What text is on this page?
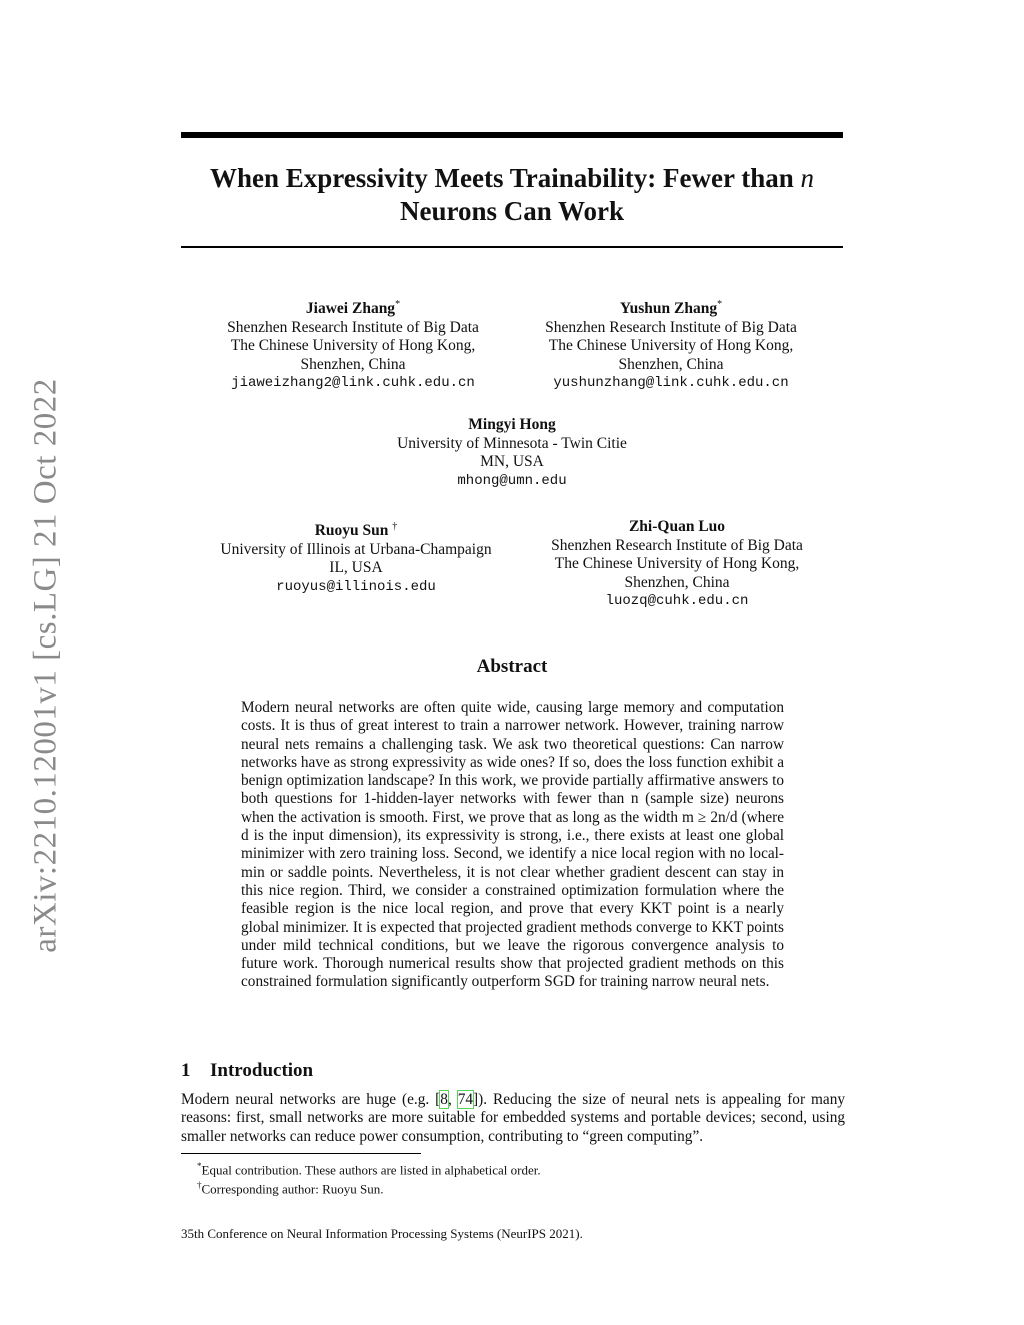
arXiv:2210.12001v1 [cs.LG] 21 Oct 2022
When Expressivity Meets Trainability: Fewer than n
Neurons Can Work
Jiawei Zhang*
Shenzhen Research Institute of Big Data
The Chinese University of Hong Kong,
Shenzhen, China
jiaweizhang2@link.cuhk.edu.cn
Yushun Zhang*
Shenzhen Research Institute of Big Data
The Chinese University of Hong Kong,
Shenzhen, China
yushunzhang@link.cuhk.edu.cn
Mingyi Hong
University of Minnesota - Twin Citie
MN, USA
mhong@umn.edu
Ruoyu Sun †
University of Illinois at Urbana-Champaign
IL, USA
ruoyus@illinois.edu
Zhi-Quan Luo
Shenzhen Research Institute of Big Data
The Chinese University of Hong Kong,
Shenzhen, China
luozq@cuhk.edu.cn
Abstract

Modern neural networks are often quite wide, causing large memory and computation costs. It is thus of great interest to train a narrower network. However, training narrow neural nets remains a challenging task. We ask two theoretical questions: Can narrow networks have as strong expressivity as wide ones? If so, does the loss function exhibit a benign optimization landscape? In this work, we provide partially affirmative answers to both questions for 1-hidden-layer networks with fewer than n (sample size) neurons when the activation is smooth. First, we prove that as long as the width m ≥ 2n/d (where d is the input dimension), its expressivity is strong, i.e., there exists at least one global minimizer with zero training loss. Second, we identify a nice local region with no local-min or saddle points. Nevertheless, it is not clear whether gradient descent can stay in this nice region. Third, we consider a constrained optimization formulation where the feasible region is the nice local region, and prove that every KKT point is a nearly global minimizer. It is expected that projected gradient methods converge to KKT points under mild technical conditions, but we leave the rigorous convergence analysis to future work. Thorough numerical results show that projected gradient methods on this constrained formulation significantly outperform SGD for training narrow neural nets.

1 Introduction

Modern neural networks are huge (e.g. [8, 74]). Reducing the size of neural nets is appealing for many reasons: first, small networks are more suitable for embedded systems and portable devices; second, using smaller networks can reduce power consumption, contributing to “green computing”.

*Equal contribution. These authors are listed in alphabetical order.
†Corresponding author: Ruoyu Sun.
35th Conference on Neural Information Processing Systems (NeurIPS 2021).
